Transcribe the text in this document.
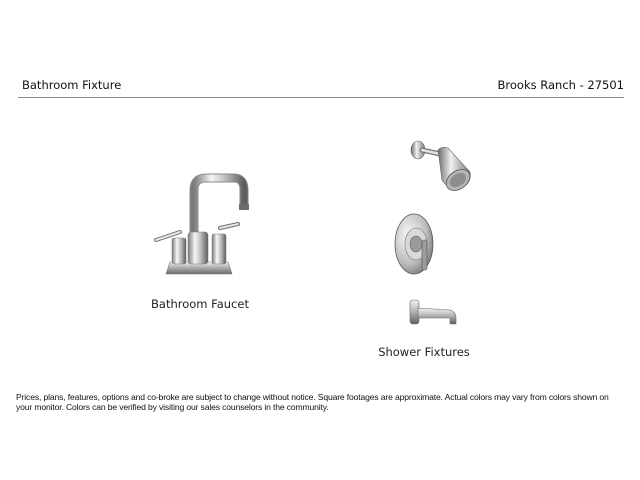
Bathroom Fixture	Brooks Ranch - 27501
Bathroom Faucet
Shower Fixtures
Prices, plans, features, options and co-broke are subject to change without notice. Square footages are approximate. Actual colors may vary from colors shown on your monitor. Colors can be verified by visiting our sales counselors in the community.
